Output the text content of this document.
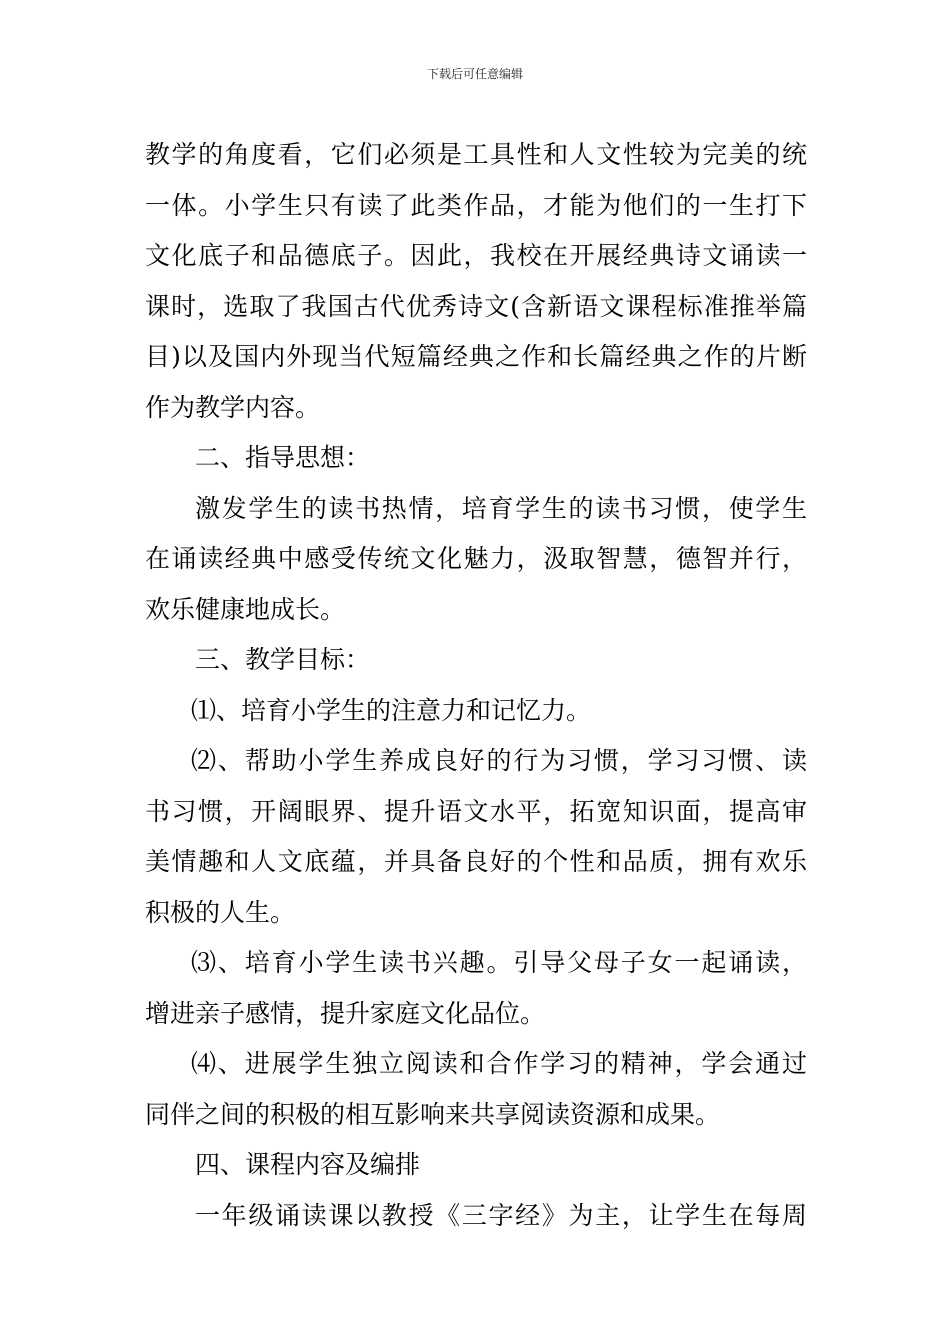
下载后可任意编辑
教学的角度看，它们必须是工具性和人文性较为完美的统
一体。小学生只有读了此类作品，才能为他们的一生打下
文化底子和品德底子。因此，我校在开展经典诗文诵读一
课时，选取了我国古代优秀诗文(含新语文课程标准推举篇
目)以及国内外现当代短篇经典之作和长篇经典之作的片断
作为教学内容。
二、指导思想：
激发学生的读书热情，培育学生的读书习惯，使学生
在诵读经典中感受传统文化魅力，汲取智慧，德智并行，
欢乐健康地成长。
三、教学目标：
⑴、培育小学生的注意力和记忆力。
⑵、帮助小学生养成良好的行为习惯，学习习惯、读
书习惯，开阔眼界、提升语文水平，拓宽知识面，提高审
美情趣和人文底蕴，并具备良好的个性和品质，拥有欢乐
积极的人生。
⑶、培育小学生读书兴趣。引导父母子女一起诵读，
增进亲子感情，提升家庭文化品位。
⑷、进展学生独立阅读和合作学习的精神，学会通过
同伴之间的积极的相互影响来共享阅读资源和成果。
四、课程内容及编排
一年级诵读课以教授《三字经》为主，让学生在每周
